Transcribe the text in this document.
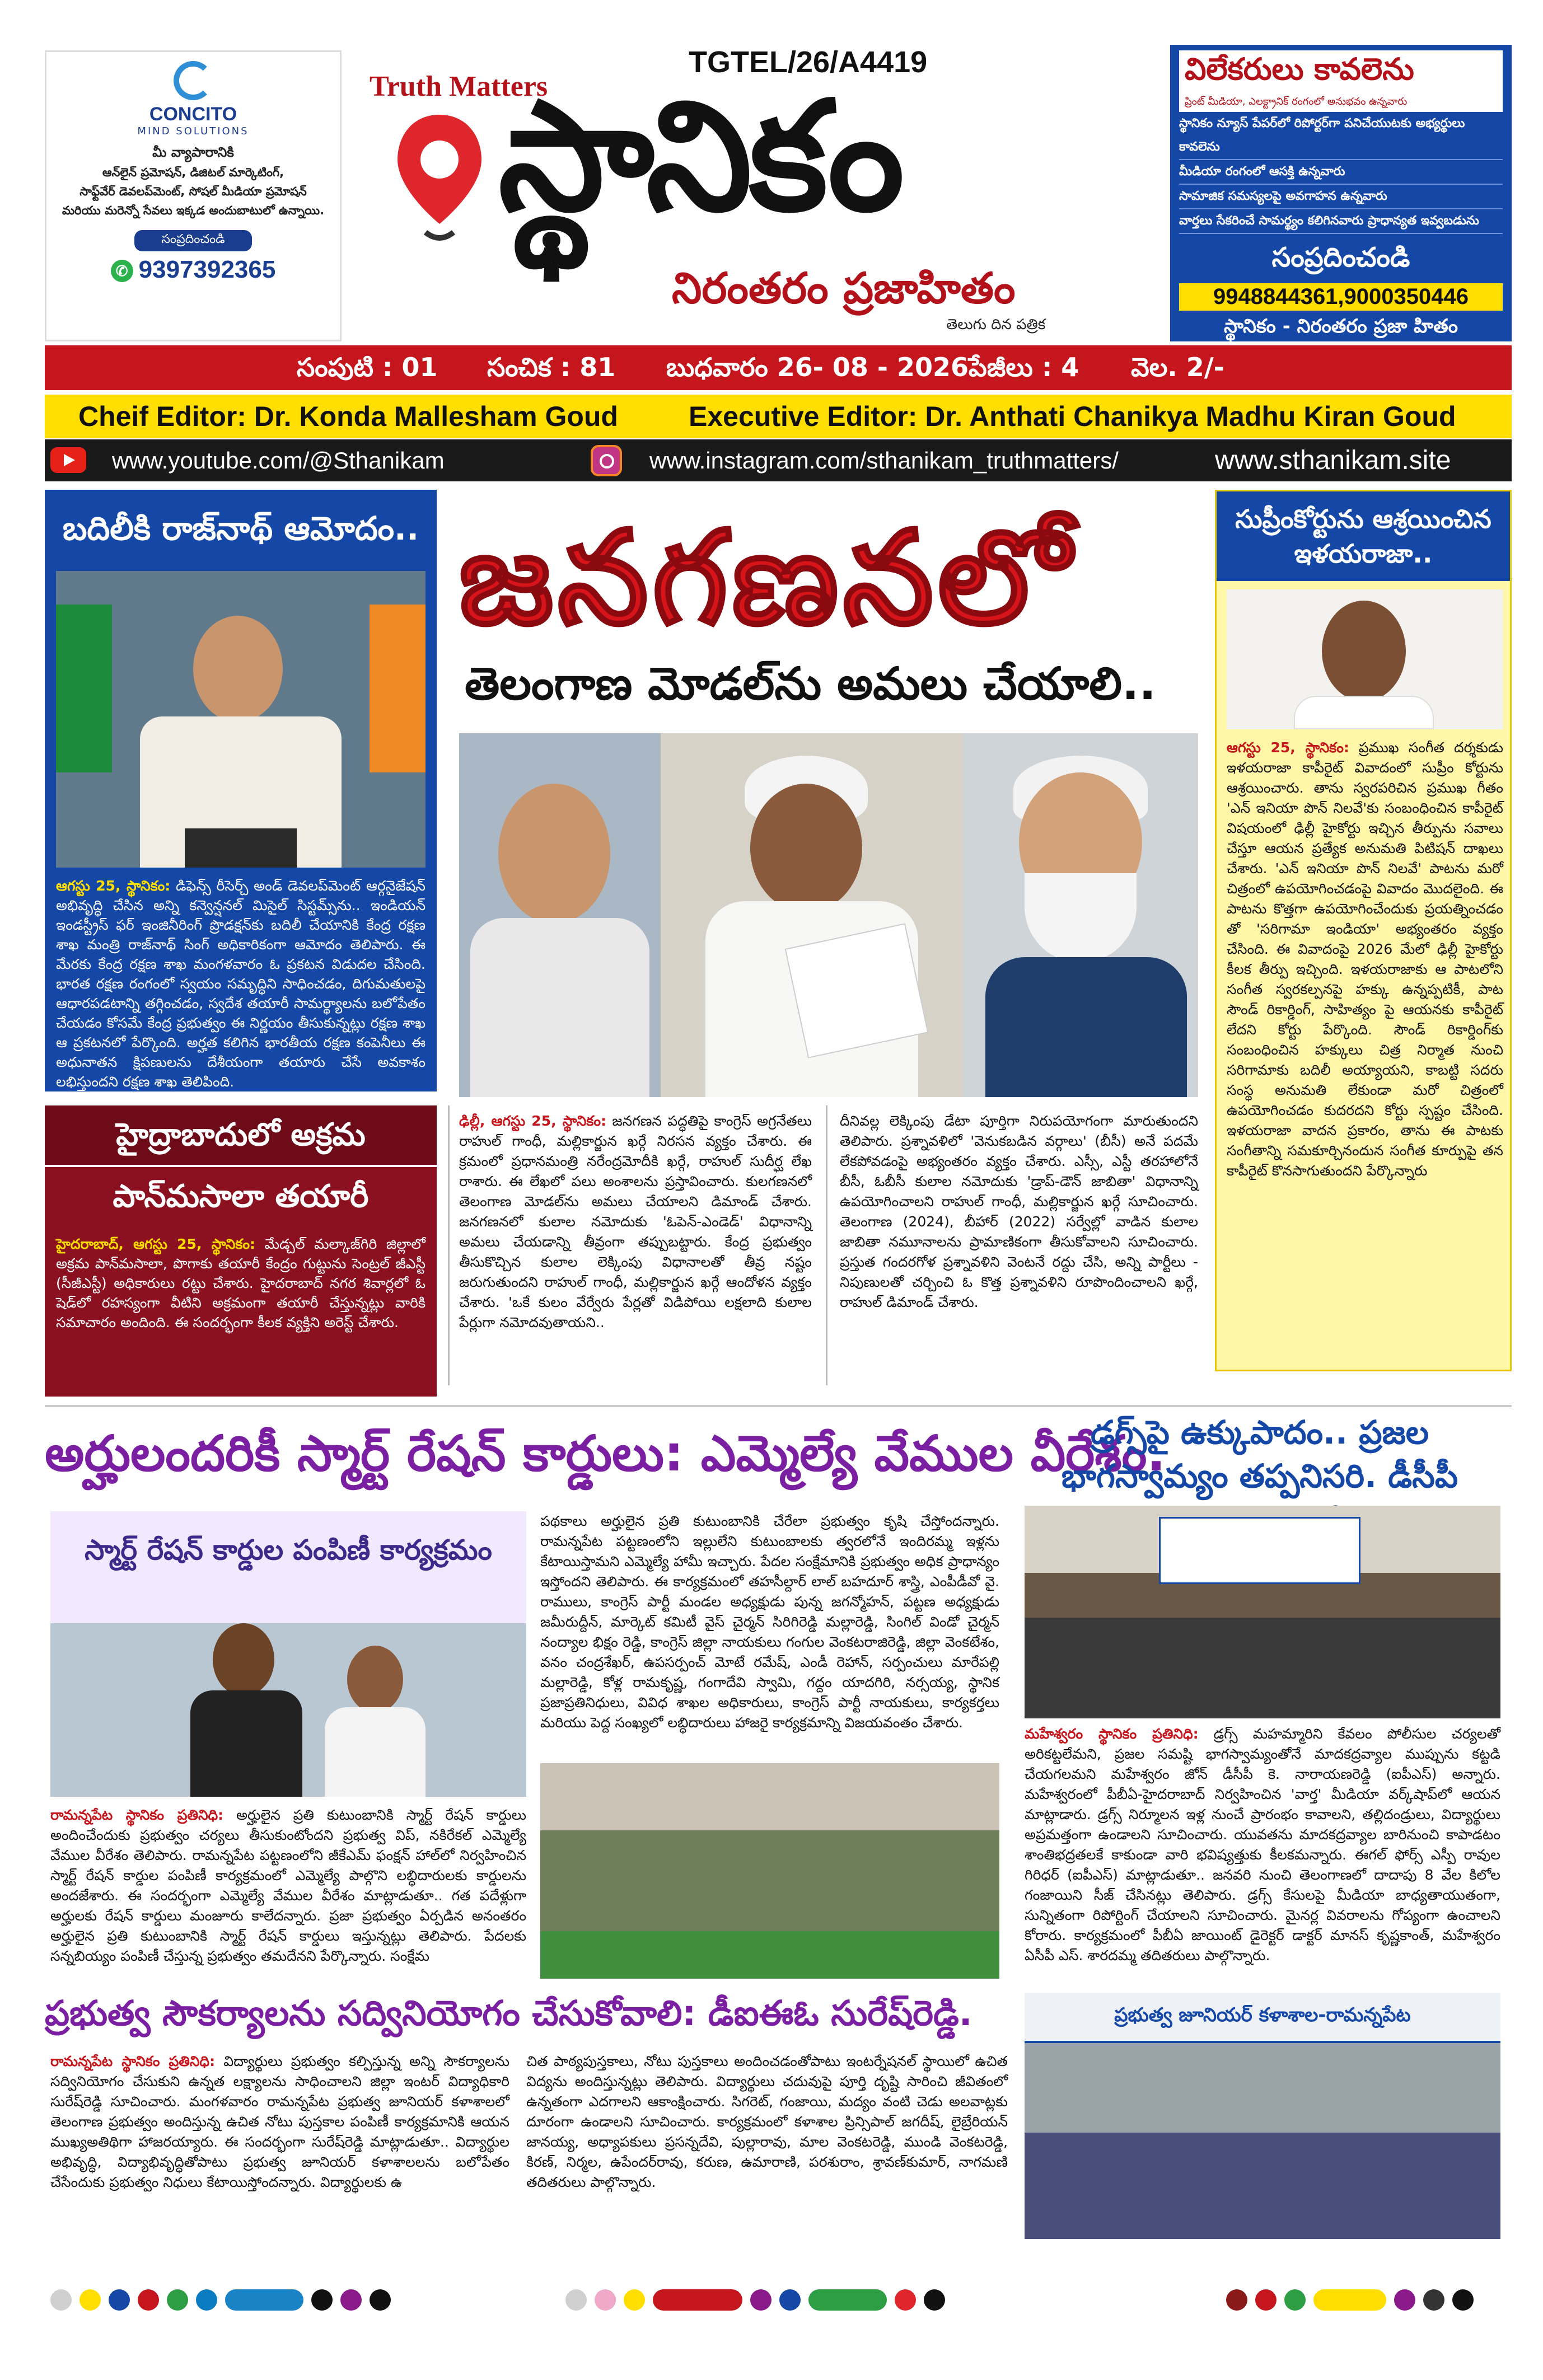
CONCITO
MIND SOLUTIONS
మీ వ్యాపారానికి
ఆన్‌లైన్ ప్రమోషన్, డిజిటల్ మార్కెటింగ్,
సాఫ్ట్‌వేర్ డెవలప్‌మెంట్, సోషల్ మీడియా ప్రమోషన్
మరియు మరెన్నో సేవలు ఇక్కడ అందుబాటులో ఉన్నాయి.
సంప్రదించండి
✆ 9397392365
TGTEL/26/A4419
Truth Matters
స్థానికం
నిరంతరం ప్రజాహితం
తెలుగు దిన పత్రిక
విలేకరులు కావలెను
ప్రింట్ మీడియా, ఎలక్ట్రానిక్ రంగంలో అనుభవం ఉన్నవారు
స్థానికం న్యూస్ పేపర్‌లో రిపోర్టర్‌గా పనిచేయుటకు అభ్యర్థులు కావలెను
మీడియా రంగంలో ఆసక్తి ఉన్నవారు
సామాజిక సమస్యలపై అవగాహన ఉన్నవారు
వార్తలు సేకరించే సామర్థ్యం కలిగినవారు ప్రాధాన్యత ఇవ్వబడును
సంప్రదించండి
9948844361,9000350446
స్థానికం - నిరంతరం ప్రజా హితం
సంపుటి : 01 సంచిక : 81 బుధవారం 26- 08 - 2026 పేజీలు : 4 వెల. 2/-
Cheif Editor: Dr. Konda Mallesham Goud	Executive Editor: Dr. Anthati Chanikya Madhu Kiran Goud
www.youtube.com/@Sthanikam	www.instagram.com/sthanikam_truthmatters/	www.sthanikam.site
బదిలీకి రాజ్‌నాథ్ ఆమోదం..
ఆగస్టు 25, స్థానికం: డిఫెన్స్ రీసెర్చ్ అండ్ డెవలప్‌మెంట్ ఆర్గనైజేషన్ అభివృద్ధి చేసిన అన్ని కన్వెన్షనల్ మిసైల్ సిస్టమ్స్‌ను.. ఇండియన్ ఇండస్ట్రీస్ ఫర్ ఇంజినీరింగ్ ప్రొడక్షన్‌కు బదిలీ చేయానికి కేంద్ర రక్షణ శాఖ మంత్రి రాజ్‌నాథ్ సింగ్ అధికారికంగా ఆమోదం తెలిపారు. ఈ మేరకు కేంద్ర రక్షణ శాఖ మంగళవారం ఓ ప్రకటన విడుదల చేసింది. భారత రక్షణ రంగంలో స్వయం సమృద్ధిని సాధించడం, దిగుమతులపై ఆధారపడటాన్ని తగ్గించడం, స్వదేశ తయారీ సామర్థ్యాలను బలోపేతం చేయడం కోసమే కేంద్ర ప్రభుత్వం ఈ నిర్ణయం తీసుకున్నట్లు రక్షణ శాఖ ఆ ప్రకటనలో పేర్కొంది. అర్హత కలిగిన భారతీయ రక్షణ కంపెనీలు ఈ అధునాతన క్షిపణులను దేశీయంగా తయారు చేసే అవకాశం లభిస్తుందని రక్షణ శాఖ తెలిపింది.
హైద్రాబాదులో అక్రమ
పాన్‌మసాలా తయారీ
హైదరాబాద్, ఆగస్టు 25, స్థానికం: మేడ్చల్ మల్కాజ్‌గిరి జిల్లాలో అక్రమ పాన్‌మసాలా, పొగాకు తయారీ కేంద్రం గుట్టును సెంట్రల్ జీఎస్టీ (సీజీఎస్టీ) అధికారులు రట్టు చేశారు. హైదరాబాద్ నగర శివార్లలో ఓ షెడ్‌లో రహస్యంగా వీటిని అక్రమంగా తయారీ చేస్తున్నట్లు వారికి సమాచారం అందింది. ఈ సందర్భంగా కీలక వ్యక్తిని అరెస్ట్ చేశారు.
జనగణనలో
తెలంగాణ మోడల్‌ను అమలు చేయాలి..
ఢిల్లీ, ఆగస్టు 25, స్థానికం: జనగణన పద్ధతిపై కాంగ్రెస్ అగ్రనేతలు రాహుల్ గాంధీ, మల్లికార్జున ఖర్గే నిరసన వ్యక్తం చేశారు. ఈ క్రమంలో ప్రధానమంత్రి నరేంద్రమోదీకి ఖర్గే, రాహుల్ సుదీర్ఘ లేఖ రాశారు. ఈ లేఖలో పలు అంశాలను ప్రస్తావించారు. కులగణనలో తెలంగాణ మోడల్‌ను అమలు చేయాలని డిమాండ్ చేశారు. జనగణనలో కులాల నమోదుకు 'ఓపెన్-ఎండెడ్' విధానాన్ని అమలు చేయడాన్ని తీవ్రంగా తప్పుబట్టారు. కేంద్ర ప్రభుత్వం తీసుకొచ్చిన కులాల లెక్కింపు విధానాలతో తీవ్ర నష్టం జరుగుతుందని రాహుల్ గాంధీ, మల్లికార్జున ఖర్గే ఆందోళన వ్యక్తం చేశారు. 'ఒకే కులం వేర్వేరు పేర్లతో విడిపోయి లక్షలాది కులాల పేర్లుగా నమోదవుతాయని..
దీనివల్ల లెక్కింపు డేటా పూర్తిగా నిరుపయోగంగా మారుతుందని తెలిపారు. ప్రశ్నావళిలో 'వెనుకబడిన వర్గాలు' (బీసీ) అనే పదమే లేకపోవడంపై అభ్యంతరం వ్యక్తం చేశారు. ఎస్సీ, ఎస్టీ తరహాలోనే బీసీ, ఓబీసీ కులాల నమోదుకు 'డ్రాప్-డౌన్ జాబితా' విధానాన్ని ఉపయోగించాలని రాహుల్ గాంధీ, మల్లికార్జున ఖర్గే సూచించారు. తెలంగాణ (2024), బీహార్ (2022) సర్వేల్లో వాడిన కులాల జాబితా నమూనాలను ప్రామాణికంగా తీసుకోవాలని సూచించారు. ప్రస్తుత గందరగోళ ప్రశ్నావళిని వెంటనే రద్దు చేసి, అన్ని పార్టీలు - నిపుణులతో చర్చించి ఓ కొత్త ప్రశ్నావళిని రూపొందించాలని ఖర్గే, రాహుల్ డిమాండ్ చేశారు.
సుప్రీంకోర్టును ఆశ్రయించిన ఇళయరాజా..
ఆగస్టు 25, స్థానికం: ప్రముఖ సంగీత దర్శకుడు ఇళయరాజా కాపీరైట్ వివాదంలో సుప్రీం కోర్టును ఆశ్రయించారు. తాను స్వరపరిచిన ప్రముఖ గీతం 'ఎన్ ఇనియా పొన్ నిలవే'కు సంబంధించిన కాపీరైట్ విషయంలో ఢిల్లీ హైకోర్టు ఇచ్చిన తీర్పును సవాలు చేస్తూ ఆయన ప్రత్యేక అనుమతి పిటిషన్ దాఖలు చేశారు. 'ఎన్ ఇనియా పొన్ నిలవే' పాటను మరో చిత్రంలో ఉపయోగించడంపై వివాదం మొదలైంది. ఈ పాటను కొత్తగా ఉపయోగించేందుకు ప్రయత్నించడం తో 'సరిగామా ఇండియా' అభ్యంతరం వ్యక్తం చేసింది. ఈ వివాదంపై 2026 మేలో ఢిల్లీ హైకోర్టు కీలక తీర్పు ఇచ్చింది. ఇళయరాజాకు ఆ పాటలోని సంగీత స్వరకల్పనపై హక్కు ఉన్నప్పటికీ, పాట సౌండ్ రికార్డింగ్, సాహిత్యం పై ఆయనకు కాపీరైట్ లేదని కోర్టు పేర్కొంది. సౌండ్ రికార్డింగ్‌కు సంబంధించిన హక్కులు చిత్ర నిర్మాత నుంచి సరిగామాకు బదిలీ అయ్యాయని, కాబట్టి సదరు సంస్థ అనుమతి లేకుండా మరో చిత్రంలో ఉపయోగించడం కుదరదని కోర్టు స్పష్టం చేసింది. ఇళయరాజా వాదన ప్రకారం, తాను ఈ పాటకు సంగీతాన్ని సమకూర్చినందున సంగీత కూర్పుపై తన కాపీరైట్ కొనసాగుతుందని పేర్కొన్నారు
అర్హులందరికీ స్మార్ట్ రేషన్ కార్డులు: ఎమ్మెల్యే వేముల వీరేశం.
స్మార్ట్ రేషన్ కార్డుల పంపిణీ కార్యక్రమం
రామన్నపేట స్థానికం ప్రతినిధి: అర్హులైన ప్రతి కుటుంబానికి స్మార్ట్ రేషన్ కార్డులు అందించేందుకు ప్రభుత్వం చర్యలు తీసుకుంటోందని ప్రభుత్వ విప్, నకిరేకల్ ఎమ్మెల్యే వేముల వీరేశం తెలిపారు. రామన్నపేట పట్టణంలోని జీకేఎమ్ ఫంక్షన్ హాల్‌లో నిర్వహించిన స్మార్ట్ రేషన్ కార్డుల పంపిణీ కార్యక్రమంలో ఎమ్మెల్యే పాల్గొని లబ్ధిదారులకు కార్డులను అందజేశారు. ఈ సందర్భంగా ఎమ్మెల్యే వేముల వీరేశం మాట్లాడుతూ.. గత పదేళ్లుగా అర్హులకు రేషన్ కార్డులు మంజూరు కాలేదన్నారు. ప్రజా ప్రభుత్వం ఏర్పడిన అనంతరం అర్హులైన ప్రతి కుటుంబానికి స్మార్ట్ రేషన్ కార్డులు ఇస్తున్నట్లు తెలిపారు. పేదలకు సన్నబియ్యం పంపిణీ చేస్తున్న ప్రభుత్వం తమదేనని పేర్కొన్నారు. సంక్షేమ
పథకాలు అర్హులైన ప్రతి కుటుంబానికి చేరేలా ప్రభుత్వం కృషి చేస్తోందన్నారు. రామన్నపేట పట్టణంలోని ఇల్లులేని కుటుంబాలకు త్వరలోనే ఇందిరమ్మ ఇళ్లను కేటాయిస్తామని ఎమ్మెల్యే హామీ ఇచ్చారు. పేదల సంక్షేమానికి ప్రభుత్వం అధిక ప్రాధాన్యం ఇస్తోందని తెలిపారు. ఈ కార్యక్రమంలో తహసీల్దార్ లాల్ బహదూర్ శాస్త్రి, ఎంపీడీవో వై. రాములు, కాంగ్రెస్ పార్టీ మండల అధ్యక్షుడు పున్న జగన్మోహన్, పట్టణ అధ్యక్షుడు జమీరుద్దీన్, మార్కెట్ కమిటీ వైస్ చైర్మన్ సిరిగిరెడ్డి మల్లారెడ్డి, సింగిల్ విండో చైర్మన్ నంద్యాల భిక్షం రెడ్డి, కాంగ్రెస్ జిల్లా నాయకులు గంగుల వెంకటరాజిరెడ్డి, జిల్లా వెంకటేశం, వనం చంద్రశేఖర్, ఉపసర్పంచ్ మోటే రమేష్, ఎండీ రెహాన్, సర్పంచులు మారేపల్లి మల్లారెడ్డి, కోళ్ల రామకృష్ణ, గంగాదేవి స్వామి, గద్దం యాదగిరి, నర్సయ్య, స్థానిక ప్రజాప్రతినిధులు, వివిధ శాఖల అధికారులు, కాంగ్రెస్ పార్టీ నాయకులు, కార్యకర్తలు మరియు పెద్ద సంఖ్యలో లబ్ధిదారులు హాజరై కార్యక్రమాన్ని విజయవంతం చేశారు.
డ్రగ్స్‌పై ఉక్కుపాదం.. ప్రజల భాగస్వామ్యం తప్పనిసరి. డీసీపీ
మహేశ్వరం స్థానికం ప్రతినిధి: డ్రగ్స్ మహమ్మారిని కేవలం పోలీసుల చర్యలతో అరికట్టలేమని, ప్రజల సమష్టి భాగస్వామ్యంతోనే మాదకద్రవ్యాల ముప్పును కట్టడి చేయగలమని మహేశ్వరం జోన్ డీసీపీ కె. నారాయణరెడ్డి (ఐపీఎస్) అన్నారు. మహేశ్వరంలో పీబీఏ-హైదరాబాద్ నిర్వహించిన 'వార్త' మీడియా వర్క్‌షాప్‌లో ఆయన మాట్లాడారు. డ్రగ్స్ నిర్మూలన ఇళ్ల నుంచే ప్రారంభం కావాలని, తల్లిదండ్రులు, విద్యార్థులు అప్రమత్తంగా ఉండాలని సూచించారు. యువతను మాదకద్రవ్యాల బారినుంచి కాపాడటం శాంతిభద్రతలకే కాకుండా వారి భవిష్యత్తుకు కీలకమన్నారు. ఈగల్ ఫోర్స్ ఎస్పీ రావుల గిరిధర్ (ఐపీఎస్) మాట్లాడుతూ.. జనవరి నుంచి తెలంగాణలో దాదాపు 8 వేల కిలోల గంజాయిని సీజ్ చేసినట్లు తెలిపారు. డ్రగ్స్ కేసులపై మీడియా బాధ్యతాయుతంగా, సున్నితంగా రిపోర్టింగ్ చేయాలని సూచించారు. మైనర్ల వివరాలను గోప్యంగా ఉంచాలని కోరారు. కార్యక్రమంలో పీబీఏ జాయింట్ డైరెక్టర్ డాక్టర్ మానస్ కృష్ణకాంత్, మహేశ్వరం ఏసీపీ ఎస్. శారదమ్మ తదితరులు పాల్గొన్నారు.
ప్రభుత్వ సౌకర్యాలను సద్వినియోగం చేసుకోవాలి: డీఐఈఓ సురేష్‌రెడ్డి.
రామన్నపేట స్థానికం ప్రతినిధి: విద్యార్థులు ప్రభుత్వం కల్పిస్తున్న అన్ని సౌకర్యాలను సద్వినియోగం చేసుకుని ఉన్నత లక్ష్యాలను సాధించాలని జిల్లా ఇంటర్ విద్యాధికారి సురేష్‌రెడ్డి సూచించారు. మంగళవారం రామన్నపేట ప్రభుత్వ జూనియర్ కళాశాలలో తెలంగాణ ప్రభుత్వం అందిస్తున్న ఉచిత నోటు పుస్తకాల పంపిణీ కార్యక్రమానికి ఆయన ముఖ్యఅతిథిగా హాజరయ్యారు. ఈ సందర్భంగా సురేష్‌రెడ్డి మాట్లాడుతూ.. విద్యార్థుల అభివృద్ధి, విద్యాభివృద్ధితోపాటు ప్రభుత్వ జూనియర్ కళాశాలలను బలోపేతం చేసేందుకు ప్రభుత్వం నిధులు కేటాయిస్తోందన్నారు. విద్యార్థులకు ఉ
చిత పాఠ్యపుస్తకాలు, నోటు పుస్తకాలు అందించడంతోపాటు ఇంటర్నేషనల్ స్థాయిలో ఉచిత విద్యను అందిస్తున్నట్లు తెలిపారు. విద్యార్థులు చదువుపై పూర్తి దృష్టి సారించి జీవితంలో ఉన్నతంగా ఎదగాలని ఆకాంక్షించారు. సిగరెట్, గంజాయి, మద్యం వంటి చెడు అలవాట్లకు దూరంగా ఉండాలని సూచించారు. కార్యక్రమంలో కళాశాల ప్రిన్సిపాల్ జగదీష్, లైబ్రేరియన్ జానయ్య, అధ్యాపకులు ప్రసన్నదేవి, పుల్లారావు, మాల వెంకటరెడ్డి, ముండి వెంకటరెడ్డి, కిరణ్, నిర్మల, ఉపేందర్‌రావు, కరుణ, ఉమారాణి, పరశురాం, శ్రావణ్‌కుమార్, నాగమణి తదితరులు పాల్గొన్నారు.
ప్రభుత్వ జూనియర్ కళాశాల-రామన్నపేట
